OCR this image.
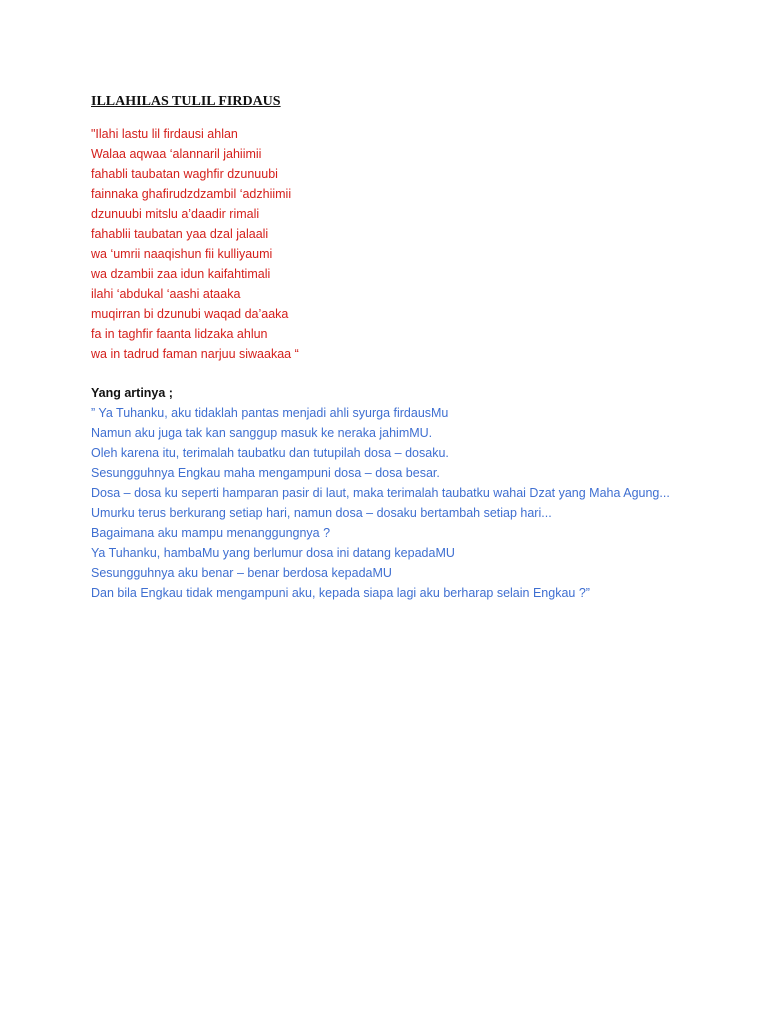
ILLAHILAS TULIL FIRDAUS
"Ilahi lastu lil firdausi ahlan
Walaa aqwaa ‘alannaril jahiimii
fahabli taubatan waghfir dzunuubi
fainnaka ghafirudzdzambil ‘adzhiimii
dzunuubi mitslu a’daadir rimali
fahablii taubatan yaa dzal jalaali
wa ‘umrii naaqishun fii kulliyaumi
wa dzambii zaa idun kaifahtimali
ilahi ‘abdukal ‘aashi ataaka
muqirran bi dzunubi waqad da’aaka
fa in taghfir faanta lidzaka ahlun
wa in tadrud faman narjuu siwaakaa “
Yang artinya ;
” Ya Tuhanku, aku tidaklah pantas menjadi ahli syurga firdausMu
Namun aku juga tak kan sanggup masuk ke neraka jahimMU.
Oleh karena itu, terimalah taubatku dan tutupilah dosa – dosaku.
Sesungguhnya Engkau maha mengampuni dosa – dosa besar.
Dosa – dosa ku seperti hamparan pasir di laut, maka terimalah taubatku wahai Dzat yang Maha Agung...
Umurku terus berkurang setiap hari, namun dosa – dosaku bertambah setiap hari...
Bagaimana aku mampu menanggungnya ?
Ya Tuhanku, hambaMu yang berlumur dosa ini datang kepadaMU
Sesungguhnya aku benar – benar berdosa kepadaMU
Dan bila Engkau tidak mengampuni aku, kepada siapa lagi aku berharap selain Engkau ?”
